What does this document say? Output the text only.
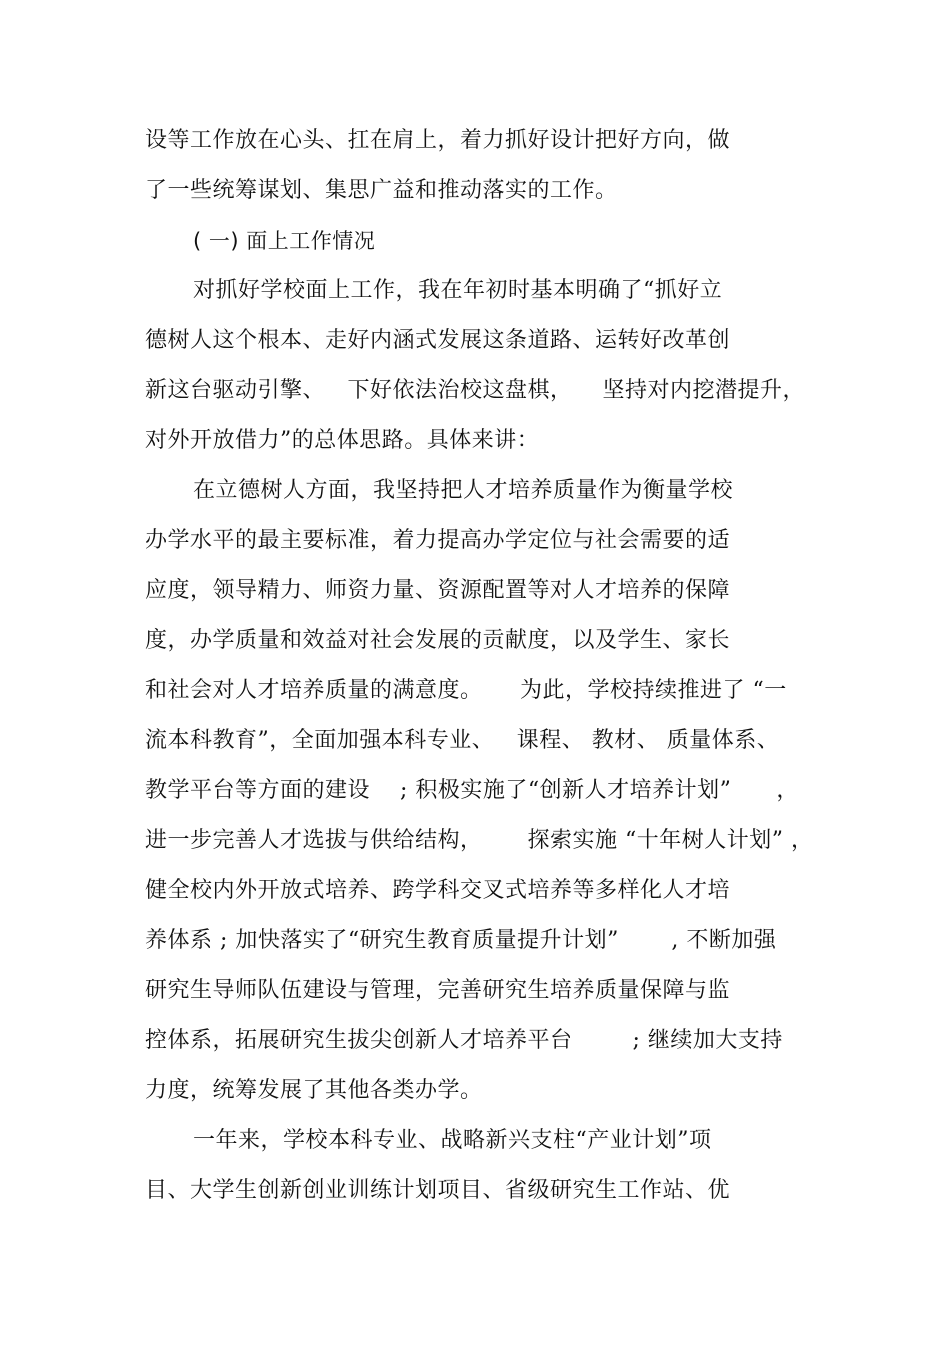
设等工作放在心头、扛在肩上，着力抓好设计把好方向，做
了一些统筹谋划、集思广益和推动落实的工作。
( 一) 面上工作情况
对抓好学校面上工作，我在年初时基本明确了“抓好立
德树人这个根本、走好内涵式发展这条道路、运转好改革创
新这台驱动引擎、   下好依法治校这盘棋，    坚持对内挖潜提升，
对外开放借力”的总体思路。具体来讲：
在立德树人方面，我坚持把人才培养质量作为衡量学校
办学水平的最主要标准，着力提高办学定位与社会需要的适
应度，领导精力、师资力量、资源配置等对人才培养的保障
度，办学质量和效益对社会发展的贡献度，以及学生、家长
和社会对人才培养质量的满意度。     为此，学校持续推进了 “一
流本科教育”，全面加强本科专业、   课程、 教材、 质量体系、
教学平台等方面的建设    ; 积极实施了“创新人才培养计划”      ，
进一步完善人才选拔与供给结构，      探索实施 “十年树人计划” ，
健全校内外开放式培养、跨学科交叉式培养等多样化人才培
养体系 ; 加快落实了“研究生教育质量提升计划”       , 不断加强
研究生导师队伍建设与管理，完善研究生培养质量保障与监
控体系，拓展研究生拔尖创新人才培养平台        ; 继续加大支持
力度，统筹发展了其他各类办学。
一年来，学校本科专业、战略新兴支柱“产业计划”项
目、大学生创新创业训练计划项目、省级研究生工作站、优
